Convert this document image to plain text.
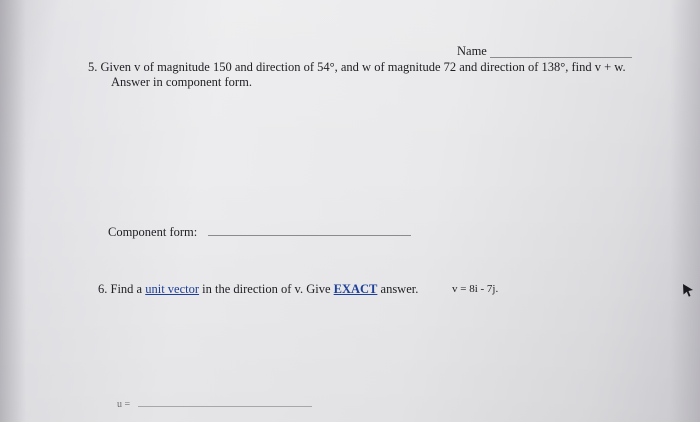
Name
5. Given v of magnitude 150 and direction of 54°, and w of magnitude 72 and direction of 138°, find v + w.
Answer in component form.
Component form:
6. Find a unit vector in the direction of v. Give EXACT answer.	v = 8i - 7j.
u =
